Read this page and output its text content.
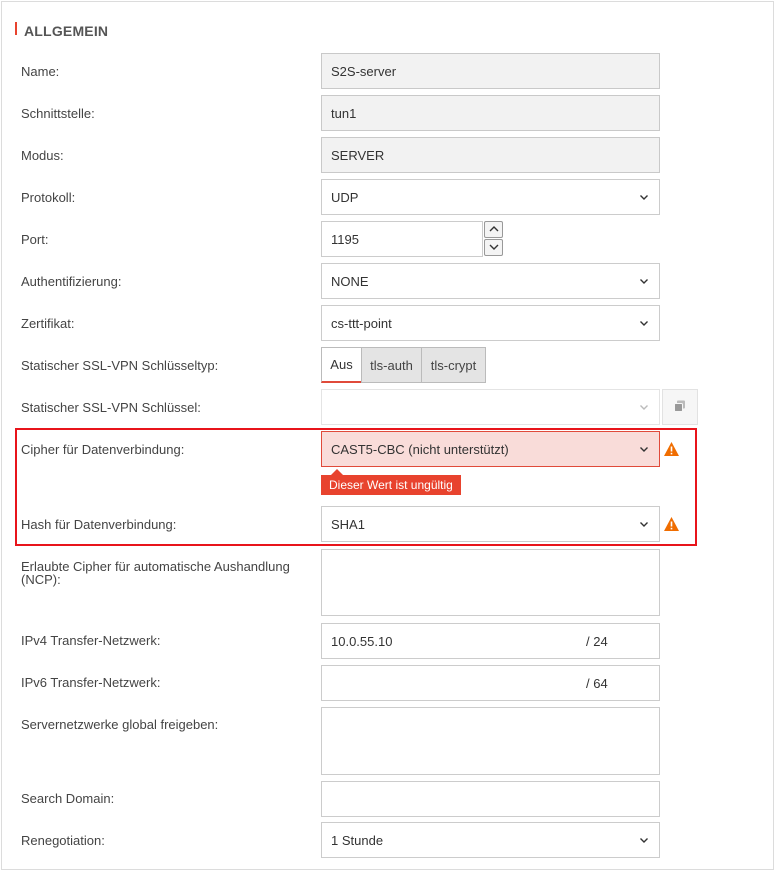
ALLGEMEIN
Name:	S2S-server
Schnittstelle:	tun1
Modus:	SERVER
Protokoll:	UDP
Port:	1195
Authentifizierung:	NONE
Zertifikat:	cs-ttt-point
Statischer SSL-VPN Schlüsseltyp:	Aus	tls-auth	tls-crypt
Statischer SSL-VPN Schlüssel:
Cipher für Datenverbindung:	CAST5-CBC (nicht unterstützt)
Dieser Wert ist ungültig
Hash für Datenverbindung:	SHA1
Erlaubte Cipher für automatische Aushandlung
(NCP):
IPv4 Transfer-Netzwerk:	10.0.55.10	/ 24
IPv6 Transfer-Netzwerk:	/ 64
Servernetzwerke global freigeben:
Search Domain:
Renegotiation:	1 Stunde
